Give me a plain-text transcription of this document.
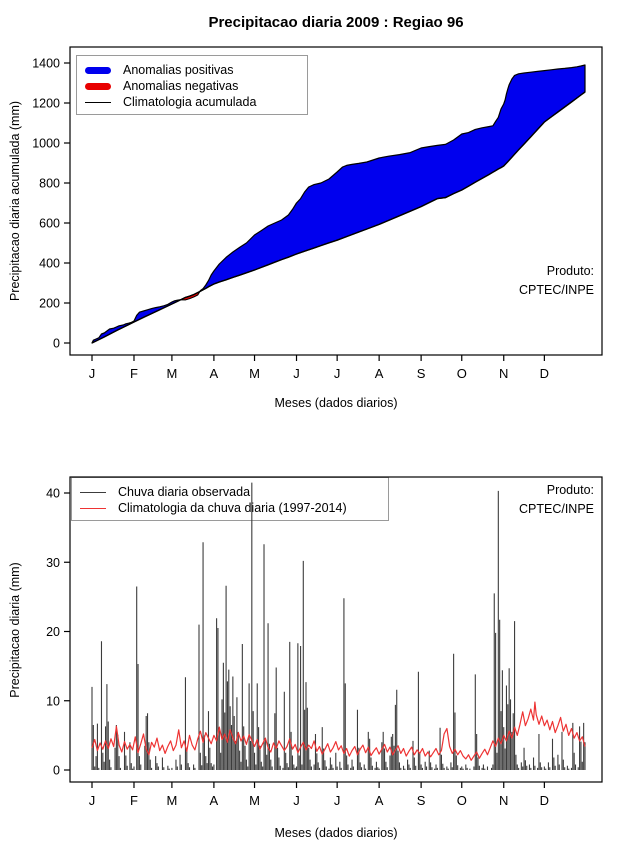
Precipitacao diaria 2009 : Regiao 96
Precipitacao diaria acumulada (mm)
Meses (dados diarios)
Anomalias positivas
Anomalias negativas
Climatologia acumulada
Produto:
CPTEC/INPE
Precipitacao diaria (mm)
Meses (dados diarios)
Chuva diaria observada
Climatologia da chuva diaria (1997-2014)
Produto:
CPTEC/INPE
0
200
400
600
800
1000
1200
1400
J	F M A M	J	J	A	S O N D
0
10
20
30
40
J	F M A M	J	J	A	S O N D
